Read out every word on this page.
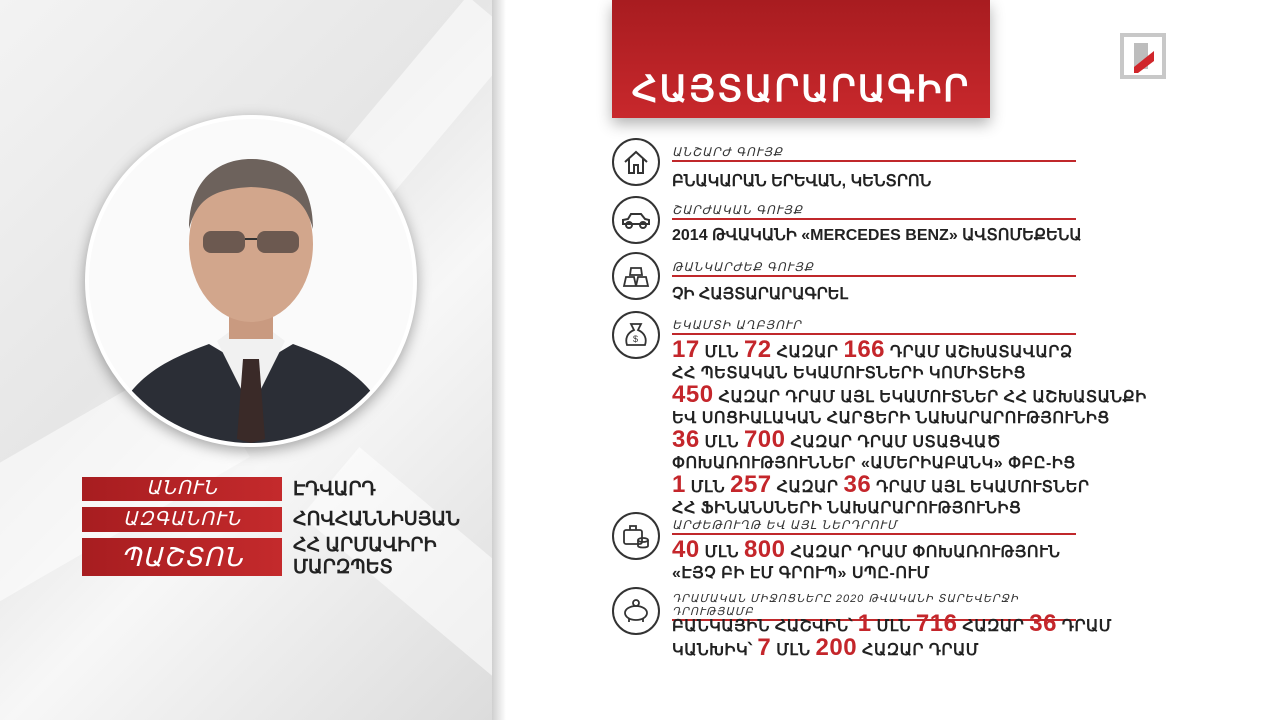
ԱՆՈՒՆ	ԷԴՎԱՐԴ
ԱԶԳԱՆՈՒՆ	ՀՈՎՀԱՆՆԻՍՅԱՆ
ՊԱՇՏՈՆ	ՀՀ ԱՐՄԱՎԻՐԻ
ՄԱՐԶՊԵՏ
ՀԱՅՏԱՐԱՐԱԳԻՐ
ԱՆՇԱՐԺ ԳՈՒՅՔ
ԲՆԱԿԱՐԱՆ ԵՐԵՎԱՆ, ԿԵՆՏՐՈՆ
ՇԱՐԺԱԿԱՆ ԳՈՒՅՔ
2014 ԹՎԱԿԱՆԻ «MERCEDES BENZ» ԱՎՏՈՄԵՔԵՆԱ
ԹԱՆԿԱՐԺԵՔ ԳՈՒՅՔ
ՉԻ ՀԱՅՏԱՐԱՐԱԳՐԵԼ
$
ԵԿԱՄՏԻ ԱՂԲՅՈՒՐ
17 ՄԼՆ 72 ՀԱԶԱՐ 166 ԴՐԱՄ ԱՇԽԱՏԱՎԱՐՁ
ՀՀ ՊԵՏԱԿԱՆ ԵԿԱՄՈՒՏՆԵՐԻ ԿՈՄԻՏԵԻՑ
450 ՀԱԶԱՐ ԴՐԱՄ ԱՅԼ ԵԿԱՄՈՒՏՆԵՐ ՀՀ ԱՇԽԱՏԱՆՔԻ
ԵՎ ՍՈՑԻԱԼԱԿԱՆ ՀԱՐՑԵՐԻ ՆԱԽԱՐԱՐՈՒԹՅՈՒՆԻՑ
36 ՄԼՆ 700 ՀԱԶԱՐ ԴՐԱՄ ՍՏԱՑՎԱԾ
ՓՈԽԱՌՈՒԹՅՈՒՆՆԵՐ «ԱՄԵՐԻԱԲԱՆԿ» ՓԲԸ-ԻՑ
1 ՄԼՆ 257 ՀԱԶԱՐ 36 ԴՐԱՄ ԱՅԼ ԵԿԱՄՈՒՏՆԵՐ
ՀՀ ՖԻՆԱՆՍՆԵՐԻ ՆԱԽԱՐԱՐՈՒԹՅՈՒՆԻՑ
ԱՐԺԵԹՈՒՂԹ ԵՎ ԱՅԼ ՆԵՐԴՐՈՒՄ
40 ՄԼՆ 800 ՀԱԶԱՐ ԴՐԱՄ ՓՈԽԱՌՈՒԹՅՈՒՆ
«ԷՅՉ ԲԻ ԷՄ ԳՐՈՒՊ» ՍՊԸ-ՈՒՄ
ԴՐԱՄԱԿԱՆ ՄԻՋՈՑՆԵՐԸ 2020 ԹՎԱԿԱՆԻ ՏԱՐԵՎԵՐՋԻ ԴՐՈՒԹՅԱՄԲ
ԲԱՆԿԱՅԻՆ ՀԱՇՎԻՆ՝ 1 ՄԼՆ 716 ՀԱԶԱՐ 36 ԴՐԱՄ
ԿԱՆԽԻԿ՝ 7 ՄԼՆ 200 ՀԱԶԱՐ ԴՐԱՄ
